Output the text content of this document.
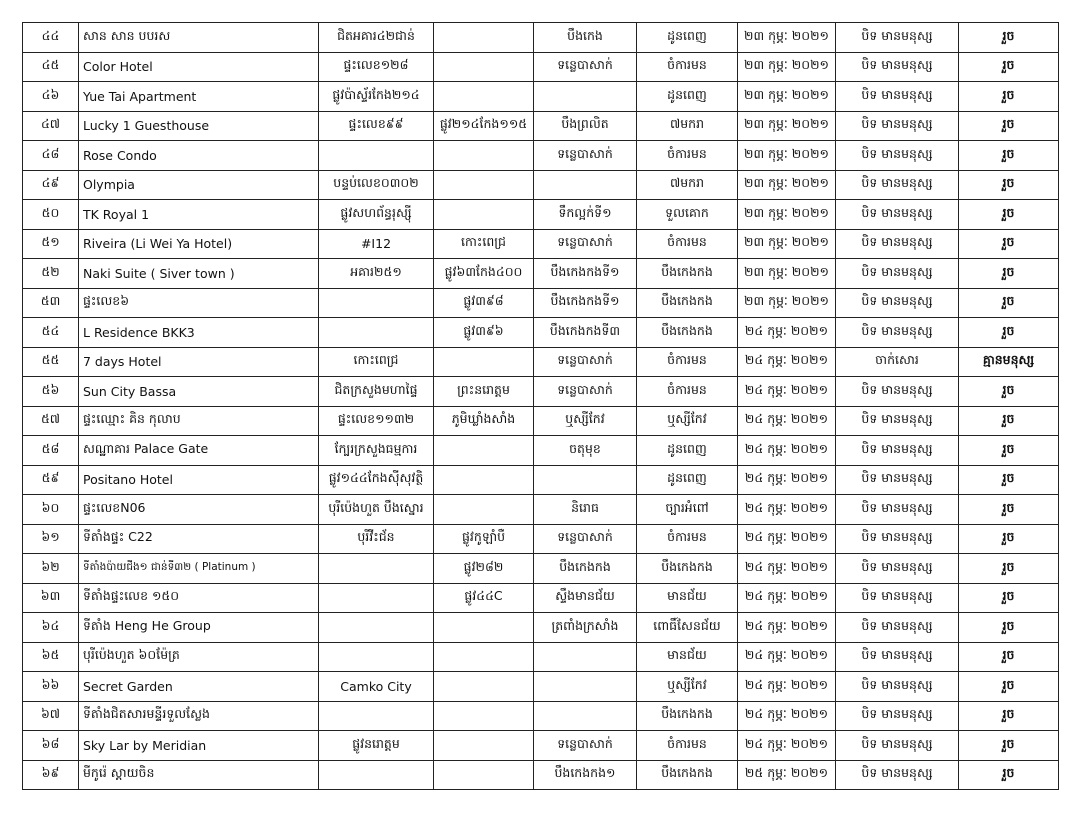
៤៤	សាន សាន បបរស	ជិតអគារ៤២ជាន់		បឹងកេង	ដូនពេញ	២៣ កុម្ភៈ ២០២១	បិទ មានមនុស្ស	រួច
៤៥	Color Hotel	ផ្ទះលេខ១២៨		ទន្លេបាសាក់	ចំការមន	២៣ កុម្ភៈ ២០២១	បិទ មានមនុស្ស	រួច
៤៦	Yue Tai Apartment	ផ្លូវប៉ាស្ទ័រកែង២១៤			ដូនពេញ	២៣ កុម្ភៈ ២០២១	បិទ មានមនុស្ស	រួច
៤៧	Lucky 1 Guesthouse	ផ្ទះលេខ៩៩	ផ្លូវ២១៤កែង១១៥	បឹងព្រលិត	៧មករា	២៣ កុម្ភៈ ២០២១	បិទ មានមនុស្ស	រួច
៤៨	Rose Condo			ទន្លេបាសាក់	ចំការមន	២៣ កុម្ភៈ ២០២១	បិទ មានមនុស្ស	រួច
៤៩	Olympia	បន្ទប់លេខ០៣០២			៧មករា	២៣ កុម្ភៈ ២០២១	បិទ មានមនុស្ស	រួច
៥០	TK Royal 1	ផ្លូវសហព័ន្ធរុស្ស៊ី		ទឹកល្អក់ទី១	ទួលគោក	២៣ កុម្ភៈ ២០២១	បិទ មានមនុស្ស	រួច
៥១	Riveira (Li Wei Ya Hotel)	#I12	កោះពេជ្រ	ទន្លេបាសាក់	ចំការមន	២៣ កុម្ភៈ ២០២១	បិទ មានមនុស្ស	រួច
៥២	Naki Suite ( Siver town )	អគារ២៥១	ផ្លូវ៦៣កែង៤០០	បឹងកេងកងទី១	បឹងកេងកង	២៣ កុម្ភៈ ២០២១	បិទ មានមនុស្ស	រួច
៥៣	ផ្ទះលេខ៦		ផ្លូវ៣៩៨	បឹងកេងកងទី១	បឹងកេងកង	២៣ កុម្ភៈ ២០២១	បិទ មានមនុស្ស	រួច
៥៤	L Residence BKK3		ផ្លូវ៣៩៦	បឹងកេងកងទី៣	បឹងកេងកង	២៤ កុម្ភៈ ២០២១	បិទ មានមនុស្ស	រួច
៥៥	7 days Hotel	កោះពេជ្រ		ទន្លេបាសាក់	ចំការមន	២៤ កុម្ភៈ ២០២១	ចាក់សោរ	គ្មានមនុស្ស
៥៦	Sun City Bassa	ជិតក្រសួងមហាផ្ទៃ	ព្រះនរោត្តម	ទន្លេបាសាក់	ចំការមន	២៤ កុម្ភៈ ២០២១	បិទ មានមនុស្ស	រួច
៥៧	ផ្ទះឈ្មោះ គិន កុលាប	ផ្ទះលេខ១១៣២	ភូមិឃ្លាំងសាំង	ឬស្សីកែវ	ឬស្សីកែវ	២៤ កុម្ភៈ ២០២១	បិទ មានមនុស្ស	រួច
៥៨	សណ្ឋាគារ Palace Gate	ក្បែរក្រសួងធម្មការ		ចតុមុខ	ដូនពេញ	២៤ កុម្ភៈ ២០២១	បិទ មានមនុស្ស	រួច
៥៩	Positano Hotel	ផ្លូវ១៤៤កែងស៊ីសុវត្ថិ			ដូនពេញ	២៤ កុម្ភៈ ២០២១	បិទ មានមនុស្ស	រួច
៦០	ផ្ទះលេខN06	បុរីប៉េងហួត បឹងស្នោរ		និរោធ	ច្បារអំពៅ	២៤ កុម្ភៈ ២០២១	បិទ មានមនុស្ស	រួច
៦១	ទីតាំងផ្ទះ C22	បុរីវីះជ័ន	ផ្លូវកូឡាំបឺ	ទន្លេបាសាក់	ចំការមន	២៤ កុម្ភៈ ២០២១	បិទ មានមនុស្ស	រួច
៦២	ទីតាំងប៉ាយជីង១ ជាន់ទី៣២ ( Platinum )		ផ្លូវ២៨២	បឹងកេងកង	បឹងកេងកង	២៤ កុម្ភៈ ២០២១	បិទ មានមនុស្ស	រួច
៦៣	ទីតាំងផ្ទះលេខ ១៥០		ផ្លូវ៤៤C	ស្ទឹងមានជ័យ	មានជ័យ	២៤ កុម្ភៈ ២០២១	បិទ មានមនុស្ស	រួច
៦៤	ទីតាំង Heng He Group			ត្រពាំងក្រសាំង	ពោធិ៍សែនជ័យ	២៤ កុម្ភៈ ២០២១	បិទ មានមនុស្ស	រួច
៦៥	បុរីប៉េងហួត ៦០ម៉ែត្រ				មានជ័យ	២៤ កុម្ភៈ ២០២១	បិទ មានមនុស្ស	រួច
៦៦	Secret Garden	Camko City			ឬស្សីកែវ	២៤ កុម្ភៈ ២០២១	បិទ មានមនុស្ស	រួច
៦៧	ទីតាំងជិតសារមន្ទីរទួលស្លែង				បឹងកេងកង	២៤ កុម្ភៈ ២០២១	បិទ មានមនុស្ស	រួច
៦៨	Sky Lar by Meridian	ផ្លូវនរោត្តម		ទន្លេបាសាក់	ចំការមន	២៤ កុម្ភៈ ២០២១	បិទ មានមនុស្ស	រួច
៦៩	មីកូរ៉េ ស្តាយចិន			បឹងកេងកង១	បឹងកេងកង	២៥ កុម្ភៈ ២០២១	បិទ មានមនុស្ស	រួច
